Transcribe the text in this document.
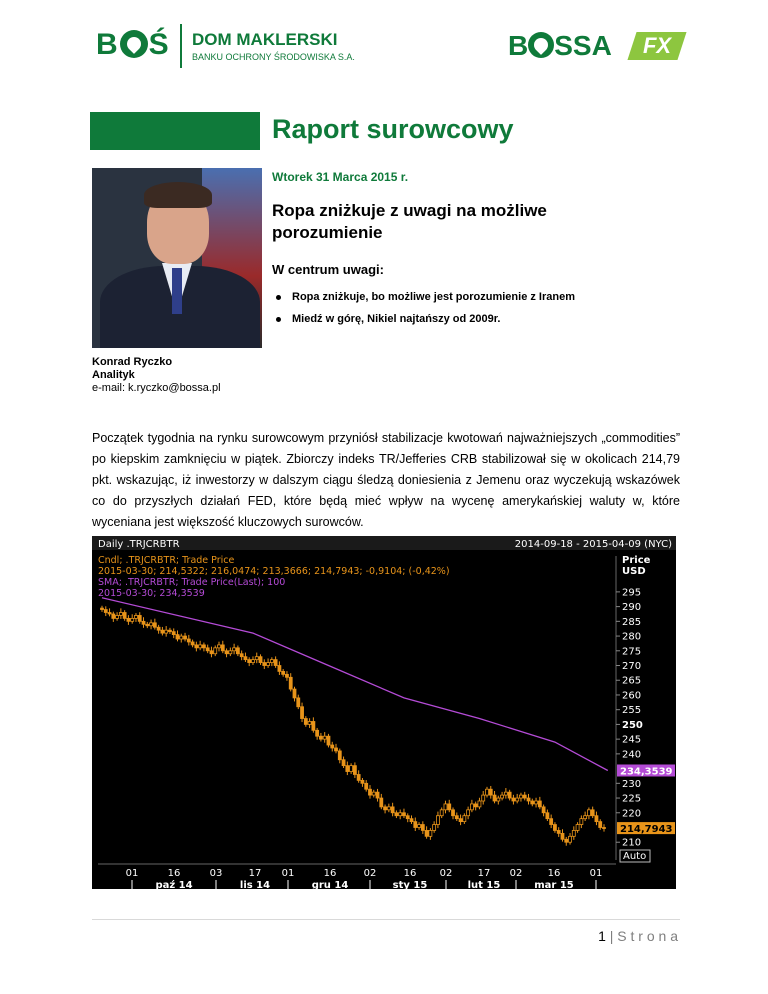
B Ś DOM MAKLERSKI
BANKU OCHRONY ŚRODOWISKA S.A.	B SSA	FX
Raport surowcowy
Wtorek 31 Marca 2015 r.
Ropa zniżkuje z uwagi na możliwe porozumienie
W centrum uwagi:
Ropa zniżkuje, bo możliwe jest porozumienie z Iranem
Miedź w górę, Nikiel najtańszy od 2009r.
Konrad Ryczko
Analityk
e-mail: k.ryczko@bossa.pl
Początek tygodnia na rynku surowcowym przyniósł stabilizacje kwotowań najważniejszych „commodities” po kiepskim zamknięciu w piątek. Zbiorczy indeks TR/Jefferies CRB stabilizował się w okolicach 214,79 pkt. wskazując, iż inwestorzy w dalszym ciągu śledzą doniesienia z Jemenu oraz wyczekują wskazówek co do przyszłych działań FED, które będą mieć wpływ na wycenę amerykańskiej waluty w, które wyceniana jest większość kluczowych surowców.
Daily .TRJCRBTR	2014-09-18 - 2015-04-09 (NYC)
Cndl; .TRJCRBTR; Trade Price
2015-03-30; 214,5322; 216,0474; 213,3666; 214,7943; -0,9104; (-0,42%)
SMA; .TRJCRBTR; Trade Price(Last); 100
2015-03-30; 234,3539
Price
USD
295
290
285
280
275
270
265
260
255
250
245
240
230
225
220
210
234,3539
214,7943
Auto
01	16	03	17 01	16	02	16 02	17 02	16	01
paź 14	lis 14	gru 14	sty 15	lut 15	mar 15
1 | S t r o n a
